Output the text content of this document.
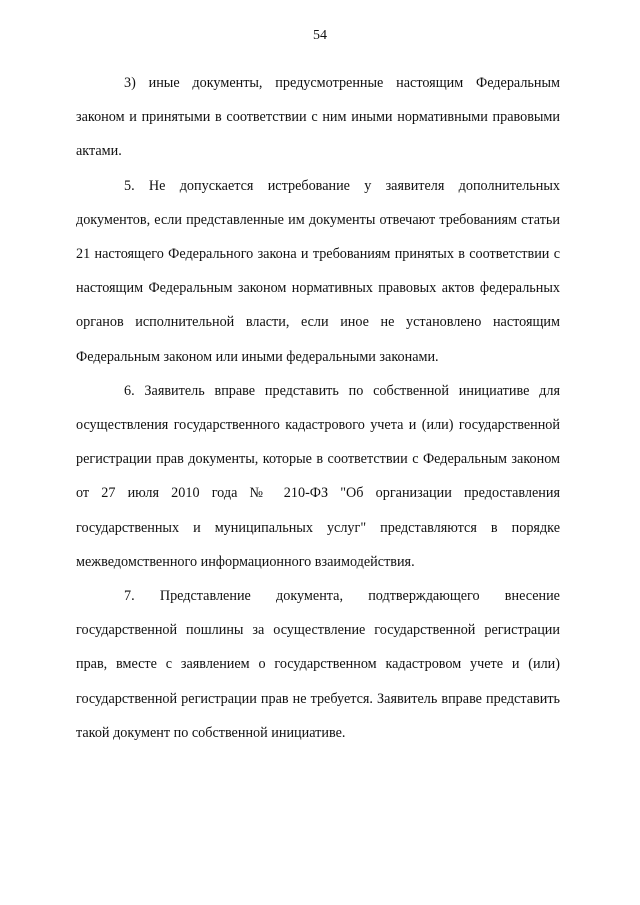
54

3) иные документы, предусмотренные настоящим Федеральным законом и принятыми в соответствии с ним иными нормативными правовыми актами.

5. Не допускается истребование у заявителя дополнительных документов, если представленные им документы отвечают требованиям статьи 21 настоящего Федерального закона и требованиям принятых в соответствии с настоящим Федеральным законом нормативных правовых актов федеральных органов исполнительной власти, если иное не установлено настоящим Федеральным законом или иными федеральными законами.

6. Заявитель вправе представить по собственной инициативе для осуществления государственного кадастрового учета и (или) государственной регистрации прав документы, которые в соответствии с Федеральным законом от 27 июля 2010 года № 210-ФЗ "Об организации предоставления государственных и муниципальных услуг" представляются в порядке межведомственного информационного взаимодействия.

7. Представление документа, подтверждающего внесение государственной пошлины за осуществление государственной регистрации прав, вместе с заявлением о государственном кадастровом учете и (или) государственной регистрации прав не требуется. Заявитель вправе представить такой документ по собственной инициативе.
